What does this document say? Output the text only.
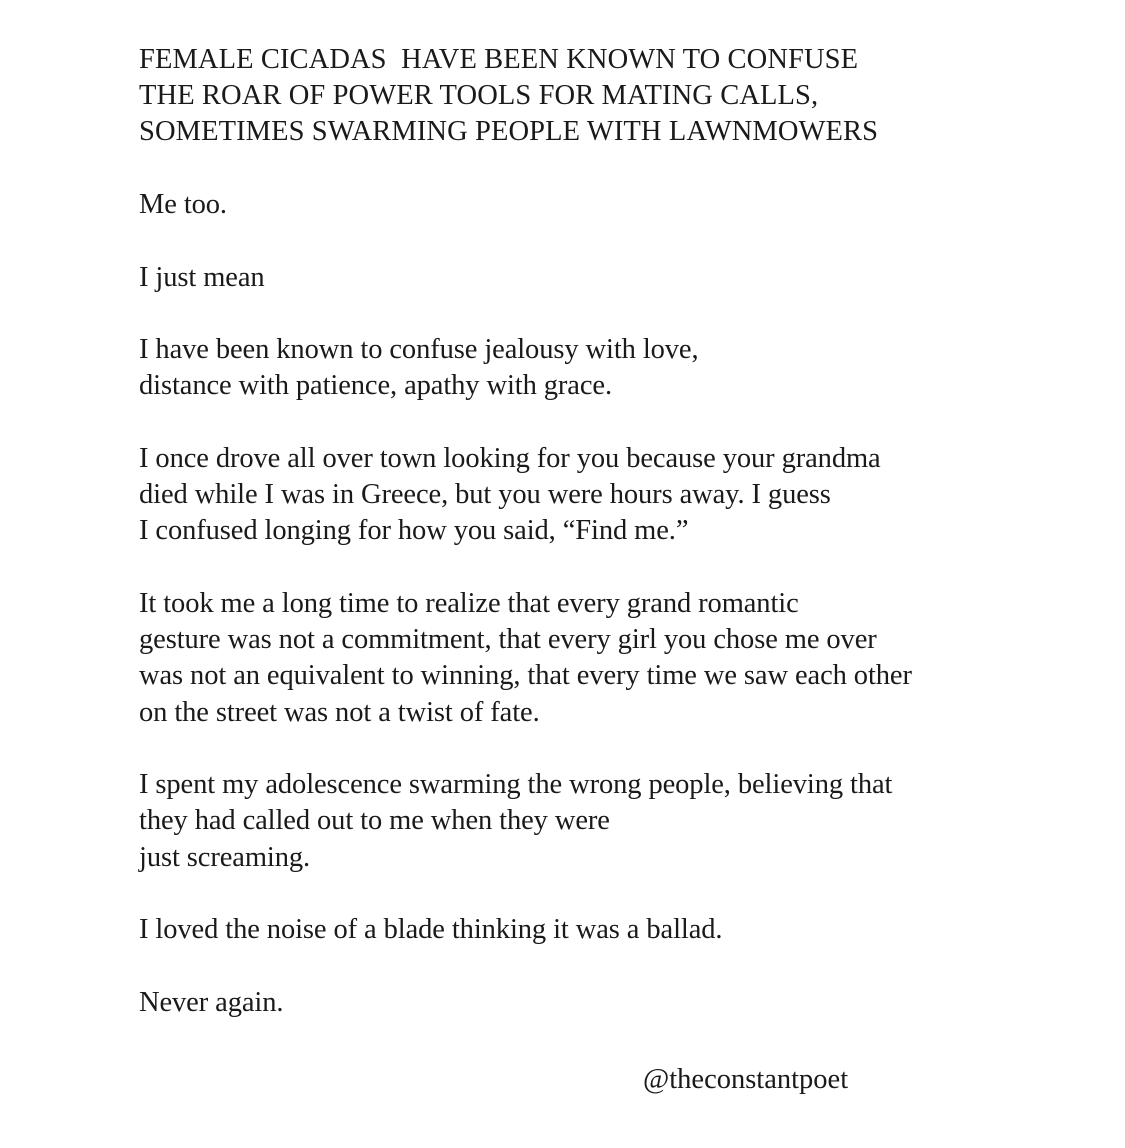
FEMALE CICADAS  HAVE BEEN KNOWN TO CONFUSE
THE ROAR OF POWER TOOLS FOR MATING CALLS,
SOMETIMES SWARMING PEOPLE WITH LAWNMOWERS
Me too.
I just mean
I have been known to confuse jealousy with love,
distance with patience, apathy with grace.
I once drove all over town looking for you because your grandma
died while I was in Greece, but you were hours away. I guess
I confused longing for how you said, “Find me.”
It took me a long time to realize that every grand romantic
gesture was not a commitment, that every girl you chose me over
was not an equivalent to winning, that every time we saw each other
on the street was not a twist of fate.
I spent my adolescence swarming the wrong people, believing that
they had called out to me when they were
just screaming.
I loved the noise of a blade thinking it was a ballad.
Never again.
@theconstantpoet
